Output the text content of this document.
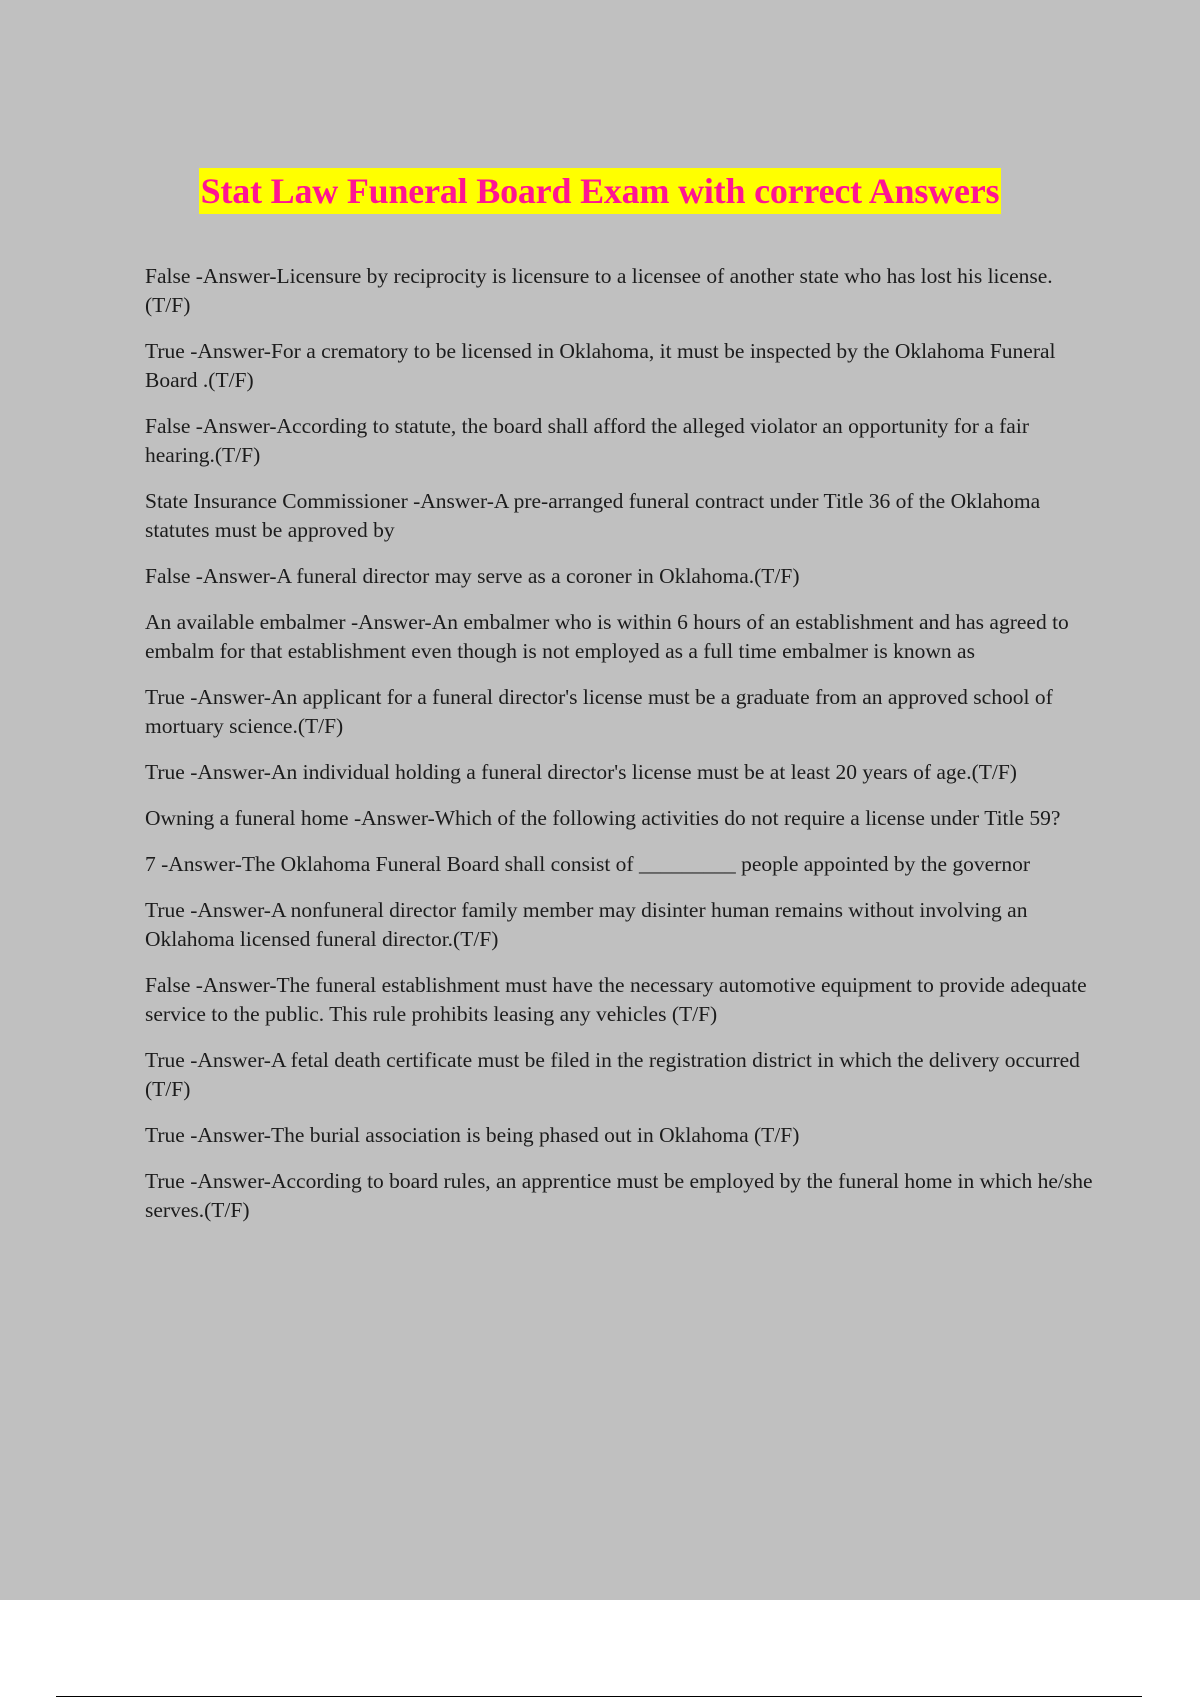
Stat Law Funeral Board Exam with correct Answers
False -Answer-Licensure by reciprocity is licensure to a licensee of another state who has lost his license. (T/F)
True -Answer-For a crematory to be licensed in Oklahoma, it must be inspected by the Oklahoma Funeral Board .(T/F)
False -Answer-According to statute, the board shall afford the alleged violator an opportunity for a fair hearing.(T/F)
State Insurance Commissioner -Answer-A pre-arranged funeral contract under Title 36 of the Oklahoma statutes must be approved by
False -Answer-A funeral director may serve as a coroner in Oklahoma.(T/F)
An available embalmer -Answer-An embalmer who is within 6 hours of an establishment and has agreed to embalm for that establishment even though is not employed as a full time embalmer is known as
True -Answer-An applicant for a funeral director's license must be a graduate from an approved school of mortuary science.(T/F)
True -Answer-An individual holding a funeral director's license must be at least 20 years of age.(T/F)
Owning a funeral home -Answer-Which of the following activities do not require a license under Title 59?
7 -Answer-The Oklahoma Funeral Board shall consist of _________ people appointed by the governor
True -Answer-A nonfuneral director family member may disinter human remains without involving an Oklahoma licensed funeral director.(T/F)
False -Answer-The funeral establishment must have the necessary automotive equipment to provide adequate service to the public. This rule prohibits leasing any vehicles (T/F)
True -Answer-A fetal death certificate must be filed in the registration district in which the delivery occurred (T/F)
True -Answer-The burial association is being phased out in Oklahoma (T/F)
True -Answer-According to board rules, an apprentice must be employed by the funeral home in which he/she serves.(T/F)
